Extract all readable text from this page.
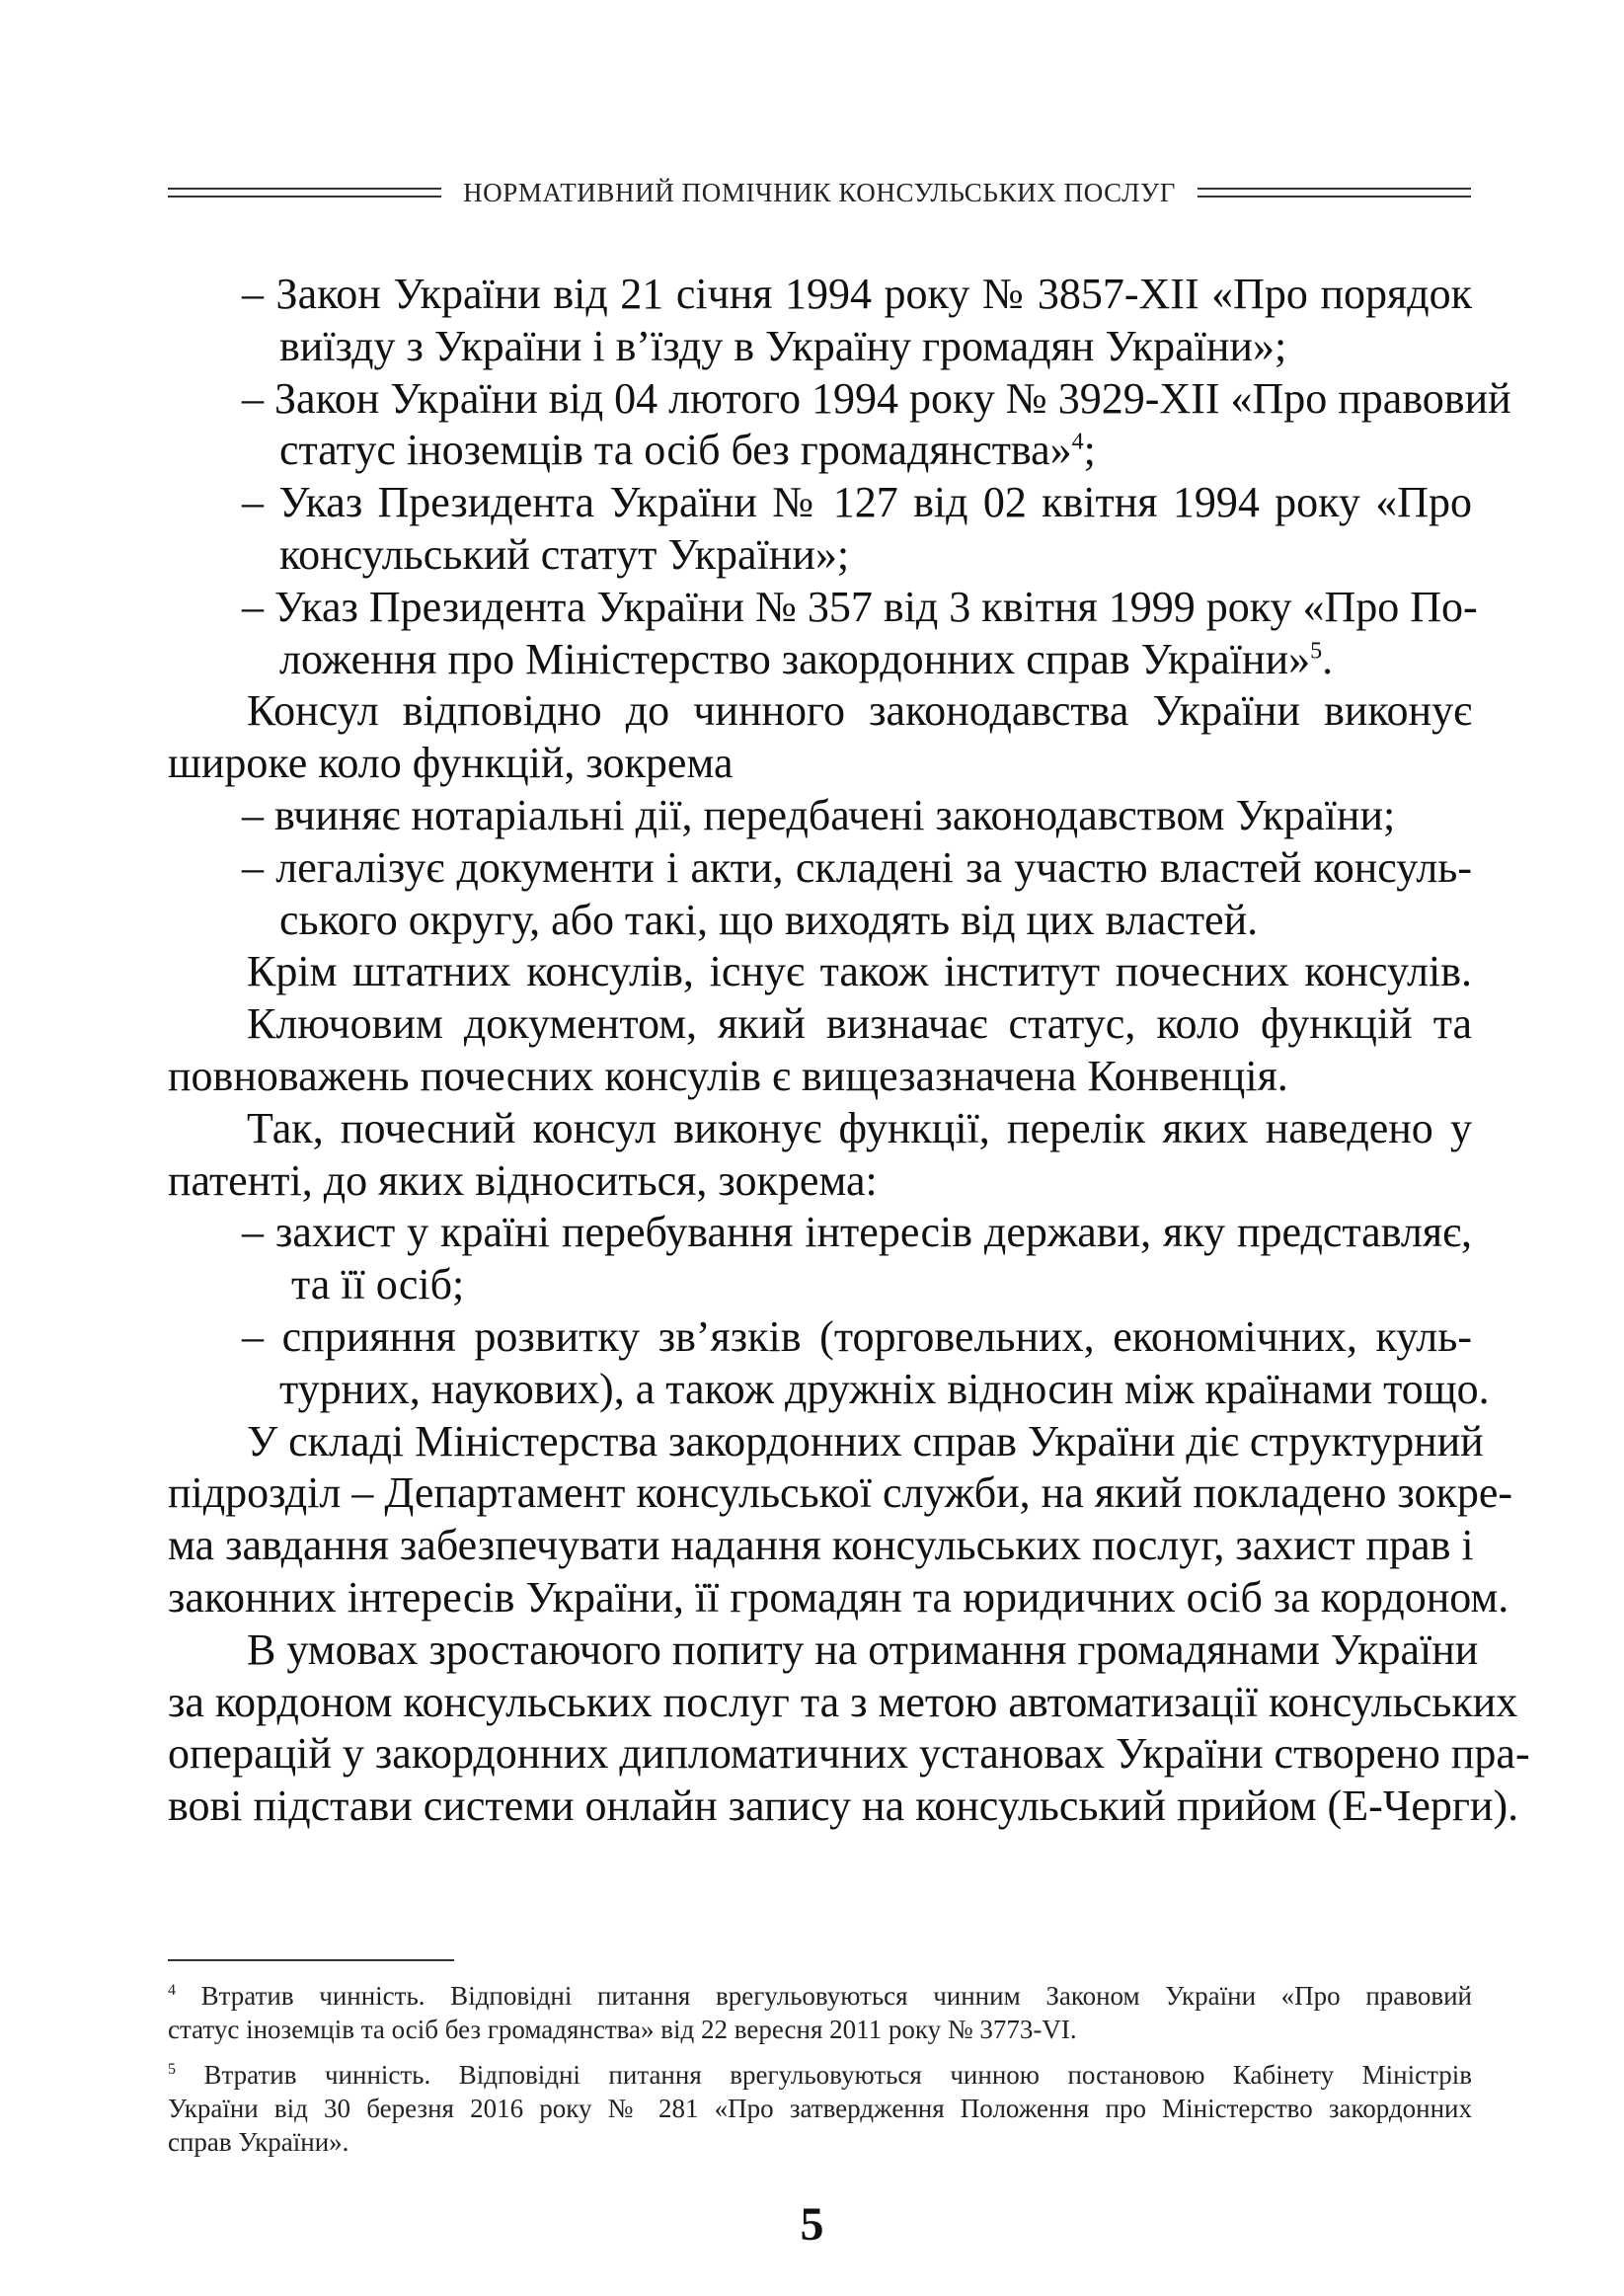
НОРМАТИВНИЙ ПОМІЧНИК КОНСУЛЬСЬКИХ ПОСЛУГ
– Закон України від 21 січня 1994 року № 3857-XII «Про порядок
виїзду з України і в’їзду в Україну громадян України»;
– Закон України від 04 лютого 1994 року № 3929-XII «Про правовий
статус іноземців та осіб без громадянства»$^4$;
– Указ Президента України № 127 від 02 квітня 1994 року «Про
консульський статут України»;
– Указ Президента України № 357 від 3 квітня 1999 року «Про По-
ложення про Міністерство закордонних справ України»$^5$.
Консул відповідно до чинного законодавства України виконує
широке коло функцій, зокрема
– вчиняє нотаріальні дії, передбачені законодавством України;
– легалізує документи і акти, складені за участю властей консуль-
ського округу, або такі, що виходять від цих властей.
Крім штатних консулів, існує також інститут почесних консулів.
Ключовим документом, який визначає статус, коло функцій та
повноважень почесних консулів є вищезазначена Конвенція.
Так, почесний консул виконує функції, перелік яких наведено у
патенті, до яких відноситься, зокрема:
– захист у країні перебування інтересів держави, яку представляє,
та її осіб;
– сприяння розвитку зв’язків (торговельних, економічних, куль-
турних, наукових), а також дружніх відносин між країнами тощо.
У складі Міністерства закордонних справ України діє структурний
підрозділ – Департамент консульської служби, на який покладено зокре-
ма завдання забезпечувати надання консульських послуг, захист прав і
законних інтересів України, її громадян та юридичних осіб за кордоном.
В умовах зростаючого попиту на отримання громадянами України
за кордоном консульських послуг та з метою автоматизації консульських
операцій у закордонних дипломатичних установах України створено пра-
вові підстави системи онлайн запису на консульський прийом (Е-Черги).
$^4$ Втратив чинність. Відповідні питання врегульовуються чинним Законом України «Про правовий
статус іноземців та осіб без громадянства» від 22 вересня 2011 року № 3773-VI.
$^5$ Втратив чинність. Відповідні питання врегульовуються чинною постановою Кабінету Міністрів
України від 30 березня 2016 року № 281 «Про затвердження Положення про Міністерство закордонних
справ України».
5
